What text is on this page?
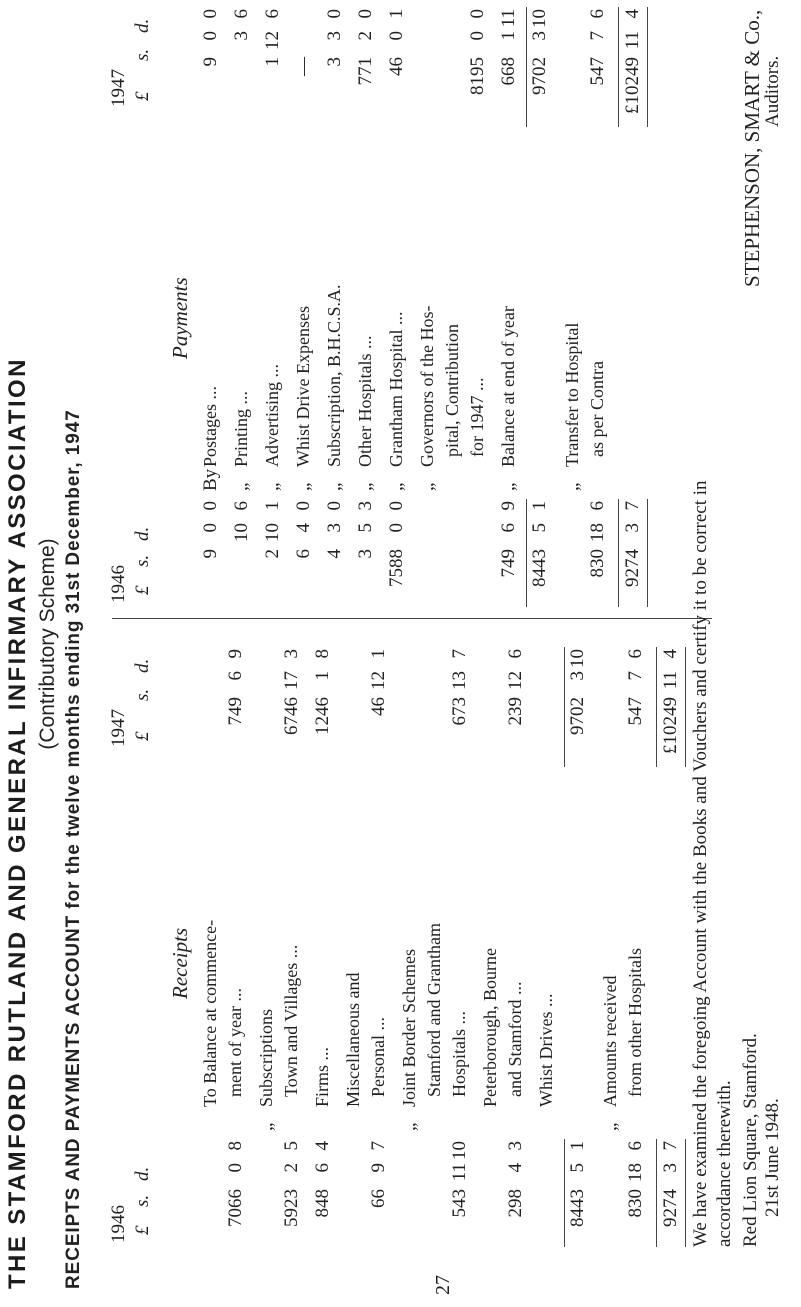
THE STAMFORD RUTLAND AND GENERAL INFIRMARY ASSOCIATION (Contributory Scheme) RECEIPTS AND PAYMENTS ACCOUNT for the twelve months ending 31st December, 1947 1946
Receipts
1947
£
s.
d.
£
s.
d.
To Balance at commence- ment of year ...
7066
0
8
749
6
9
„
Subscriptions Town and Villages ...
5923
2
5
6746
17
3
Firms ...
848
6
4
1246
1
8
Miscellaneous and Personal ...
66
9
7
46
12
1
„
Joint Border Schemes Stamford and Grantham Hospitals ...
543
11
10
673
13
7
Peterborough, Bourne and Stamford ...
298
4
3
239
12
6
Whist Drives ...
8443
5
1
9702
3
10
„
Amounts received from other Hospitals
830
18
6
547
7
6
9274
3
7
£10249
11
4
1946
Payments
1947
£
s.
d.
£
s.
d.
By
Postages ...
9
0
0
9
0
0
„
Printing ...
10
6
3
6
„
Advertising ...
2
10
1
1
12
6
„
Whist Drive Expenses
6
4
0
—
„
Subscription, B.H.C.S.A.
4
3
0
3
3
0
„
Other Hospitals ...
3
5
3
771
2
0
„
Grantham Hospital ...
7588
0
0
46
0
1
„
Governors of the Hos- pital, Contribution for 1947 ...
8195
0
0
„
Balance at end of year
749
6
9
668
1
11
8443
5
1
9702
3
10
„
Transfer to Hospital as per Contra
830
18
6
547
7
6
9274
3
7
£10249
11
4
We have examined the foregoing Account with the Books and Vouchers and certify it to be correct in accordance therewith. Red Lion Square, Stamford. 21st June 1948.
STEPHENSON, SMART & Co.,
Auditors.
27
